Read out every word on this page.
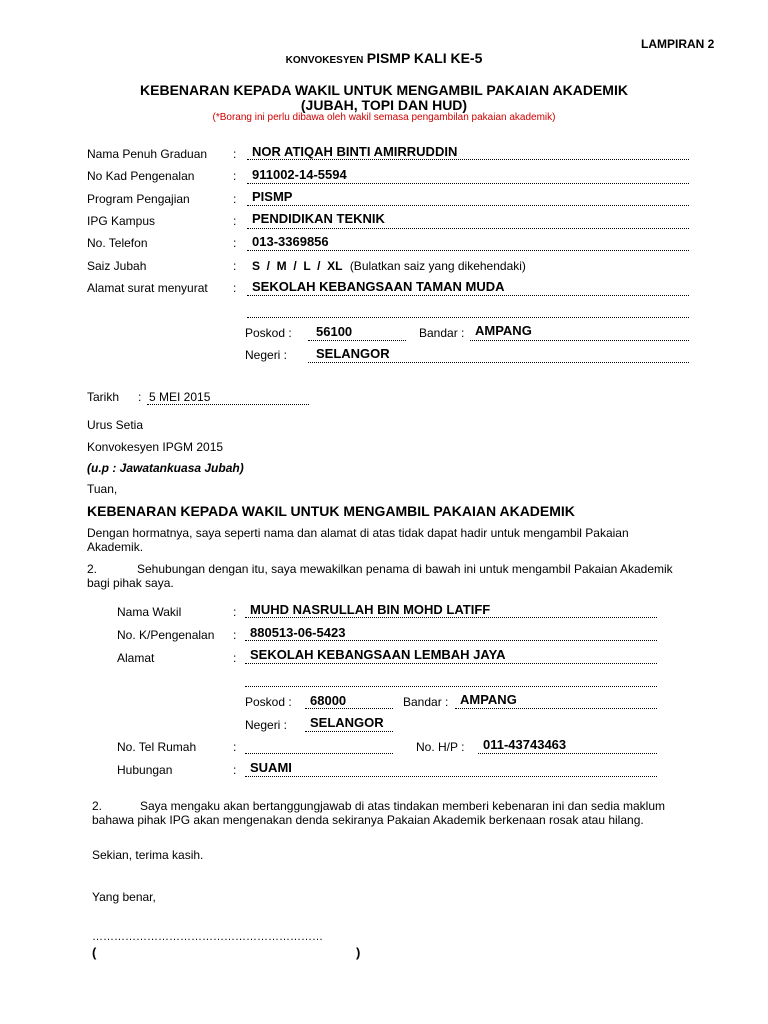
LAMPIRAN 2
KONVOKESYEN PISMP KALI KE-5
KEBENARAN KEPADA WAKIL UNTUK MENGAMBIL PAKAIAN AKADEMIK
(JUBAH, TOPI DAN HUD)
(*Borang ini perlu dibawa oleh wakil semasa pengambilan pakaian akademik)
Nama Penuh Graduan : NOR ATIQAH BINTI AMIRRUDDIN
No Kad Pengenalan	: 911002-14-5594
Program Pengajian	: PISMP
IPG Kampus	: PENDIDIKAN TEKNIK
No. Telefon	: 013-3369856
Saiz Jubah	: S  /  M  /  L  /  XL (Bulatkan saiz yang dikehendaki)
Alamat surat menyurat : SEKOLAH KEBANGSAAN TAMAN MUDA
Poskod : 56100	Bandar : AMPANG
Negeri : SELANGOR
Tarikh : 5 MEI 2015
Urus Setia
Konvokesyen IPGM 2015
(u.p : Jawatankuasa Jubah)
Tuan,
KEBENARAN KEPADA WAKIL UNTUK MENGAMBIL PAKAIAN AKADEMIK
Dengan hormatnya, saya seperti nama dan alamat di atas tidak dapat hadir untuk mengambil Pakaian Akademik.
2.	Sehubungan dengan itu, saya mewakilkan penama di bawah ini untuk mengambil Pakaian Akademik bagi pihak saya.
Nama Wakil	: MUHD NASRULLAH BIN MOHD LATIFF
No. K/Pengenalan : 880513-06-5423
Alamat	: SEKOLAH KEBANGSAAN LEMBAH JAYA
Poskod : 68000	Bandar : AMPANG
Negeri : SELANGOR
No. Tel Rumah	:	No. H/P : 011-43743463
Hubungan	: SUAMI
2.	Saya mengaku akan bertanggungjawab di atas tindakan memberi kebenaran ini dan sedia maklum bahawa pihak IPG akan mengenakan denda sekiranya Pakaian Akademik berkenaan rosak atau hilang.
Sekian, terima kasih.
Yang benar,
………………………………………………………
(	)
